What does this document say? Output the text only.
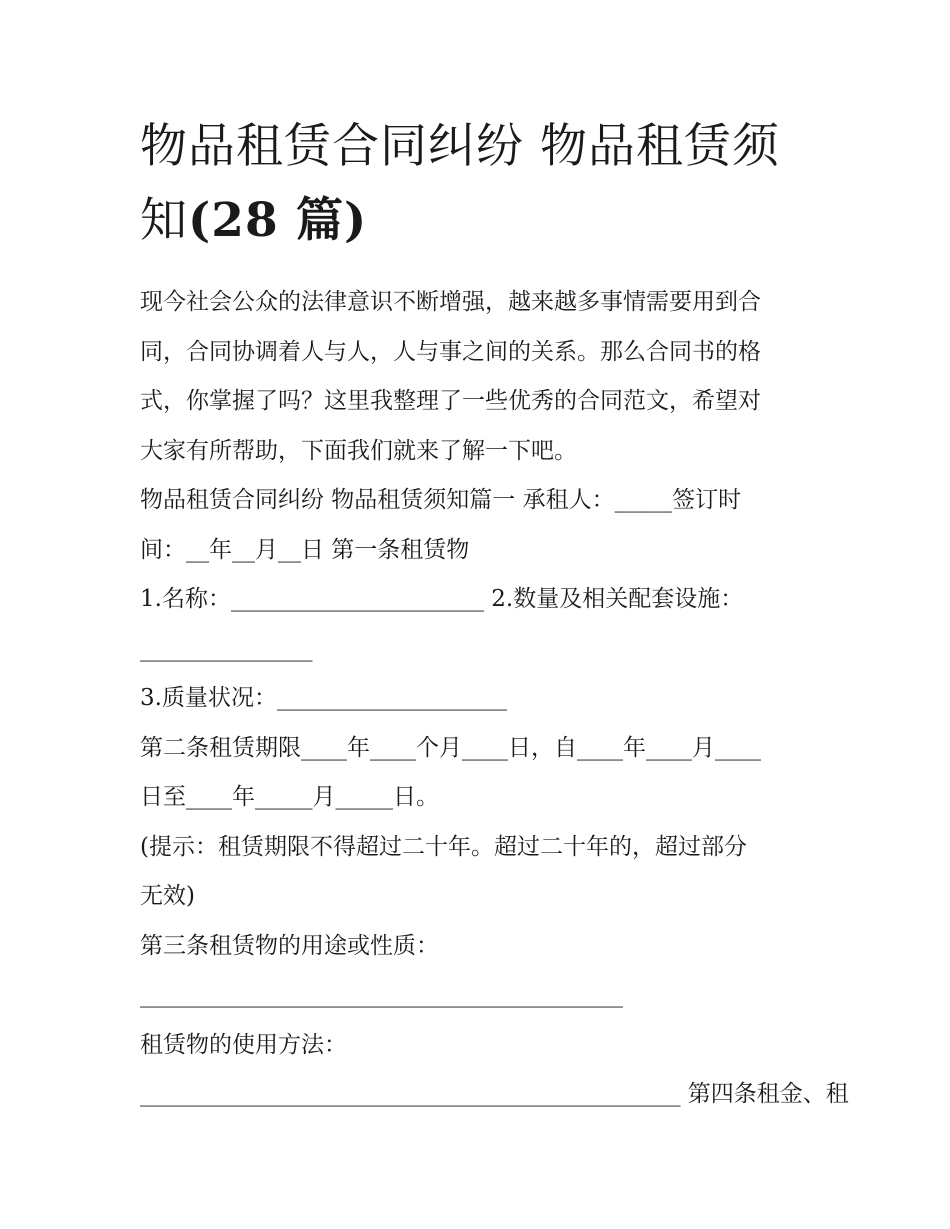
物品租赁合同纠纷 物品租赁须
知(28 篇)

现今社会公众的法律意识不断增强，越来越多事情需要用到合

同，合同协调着人与人，人与事之间的关系。那么合同书的格

式，你掌握了吗？这里我整理了一些优秀的合同范文，希望对

大家有所帮助，下面我们就来了解一下吧。

物品租赁合同纠纷 物品租赁须知篇一 承租人：_____签订时

间：__年__月__日 第一条租赁物

1.名称：______________________ 2.数量及相关配套设施：

_______________

3.质量状况：____________________

第二条租赁期限____年____个月____日，自____年____月____

日至____年_____月_____日。

(提示：租赁期限不得超过二十年。超过二十年的，超过部分

无效)

第三条租赁物的用途或性质：

__________________________________________

租赁物的使用方法：

_______________________________________________ 第四条租金、租
